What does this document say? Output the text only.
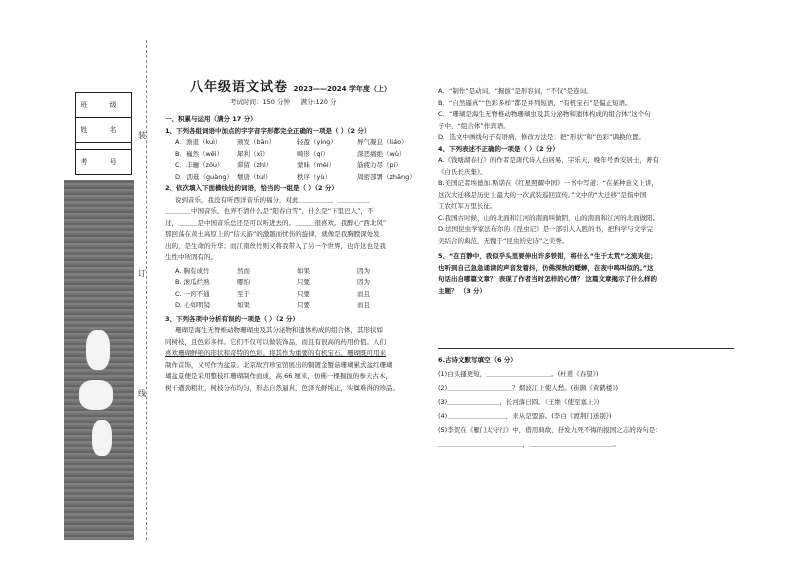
班 级
姓 名

考 号
装
订
线
八年级语文试卷 2023——2024 学年度（上）
考试时间：150 分钟 满分:120 分

一、积累与运用（满分 17 分）

1、下列各组词语中加点的字字音字形都完全正确的一项是（ ）（2 分）

A．澹退（kuì）	颁发（bān）	轻盈（yíng）	屏气凝息（liáo）
B．巍然（wēi）	犀利（xī）	畸形（qí）	深恶痛绝（wù）
C．丰骊（zǒu）	滞留（zhì）	蒙昧（mèi）	筋疲力尽（pí）
D．沥逛（guàng） 颓唐（tuí）	秩序（yù）	周密部署（zhāng）

2、依次填入下面横线处的词语，恰当的一组是（ ）（2 分）

说到音乐，我没有听西洋音乐的福分，对此＿＿＿＿＿，＿＿＿＿＿

＿＿＿＿中国音乐，也弄不清什么是“阳春白雪”，什么是“下里巴人”，不

过，＿＿＿是中国音乐总还是可以听进去的。＿＿＿很喜欢。我醉心“西北风”

那回荡在黄土高原上的“信天游”的激越而忧伤的旋律，就像是我胸膛深处发

出的，是生命的升华；而江南丝竹则又将我带入了另一个世界，也许这也是我

生性中所固有的。

A. 胸有成竹	然而	如果	因为
B. 滚瓜烂熟	哪怕	只要	因为
C. 一窍不通	至于	只要	而且
D. 心如明镜	如果	只要	而且

3、下列各项中分析有误的一项是（ ）（2 分）

珊瑚是海生无脊椎动物珊瑚虫及其分泌物和遗体构成的组合体，其形状如

同树枝，且色彩多样。它们不仅可以做装饰品，而且有很高的药用价值。人们

喜欢珊瑚鲜艳的形状和奇特的色彩。将其作为重要的有机宝石。珊瑚既可用来

制作首饰，又可作为盆景。北京故宫珍宝馆展出的铜镀金蟹菇珊瑚累式盆红珊瑚

瑚盆景便是采用整枝红珊瑚制作而成，高 66 厘米，仿佛一棵掘拔的参天古木，

树干遒劲粗壮，树枝分布均匀，形态自然逼真，色泽光鲜纯正，实属难得的珍品。

A．“制作”是动词，“掘拔”是形容词，“不仅”是连词。

B．“自然逼真”“色彩多样”都是并列短语，“有机宝石”是偏正短语。

C．“珊瑚是海生无脊椎动物珊瑚虫及其分泌物和遗体构成的组合体”这个句

子中，“组合体”作宾语。

D．选文中画线句子有语病，修改方法是：把“形状”和“色彩”调换位置。

4、下列表述不正确的一项是（ ）（2 分）

A.《钱塘湖春行》的作者是唐代诗人白居易，字乐天，晚年号香安居士，著有

《白氏长庆集》。

B.美国记者埃德加.斯诺在《红星照耀中国》一书中写道：“在某种意义上讲，

这次大迁移是历史上最大的一次武装巡回宣传。”文中的“大迁移”是指中国

工农红军万里长征。

C.我国古时候，山的北面和江河的南面叫做阴，山的南面和江河的北面做阳。

D.法国昆虫学家法布尔的《昆虫记》是一部引人入胜的书，把科学与文学完

美结合的典范，无愧于“昆虫的史诗”之美誉。

5、“在百静中，我似乎头里要伸出许多铁钳，将什么“生于太荒”之流夹住；

也听到自己急急诵读的声音发着抖，仿佛深秋的蟋蟀，在夜中鸣叫似的。”这

句话出自哪篇文章？ 表现了作者当时怎样的心情？ 这篇文章揭示了什么样的

主题？ （3 分）

6.古诗文默写填空（6 分）

(1)白头搔更短，＿＿＿＿＿＿＿＿＿＿。(杜甫《春望》)

(2)＿＿＿＿＿＿＿＿＿＿？烟波江上使人愁。(崔颢《黄鹤楼》)

(3)＿＿＿＿＿＿＿＿，长河落日圆。（王维《使至塞上》)

(4)＿＿＿＿＿＿＿＿＿，来从是盟游。(李白《渡荆门送别》)

(5)李贺在《雁门太守行》中，借用典故，抒发九死不悔的报国之志的诗句是：

＿＿＿＿＿＿＿＿＿＿＿＿＿，＿＿＿＿＿＿＿＿＿＿＿＿＿。
